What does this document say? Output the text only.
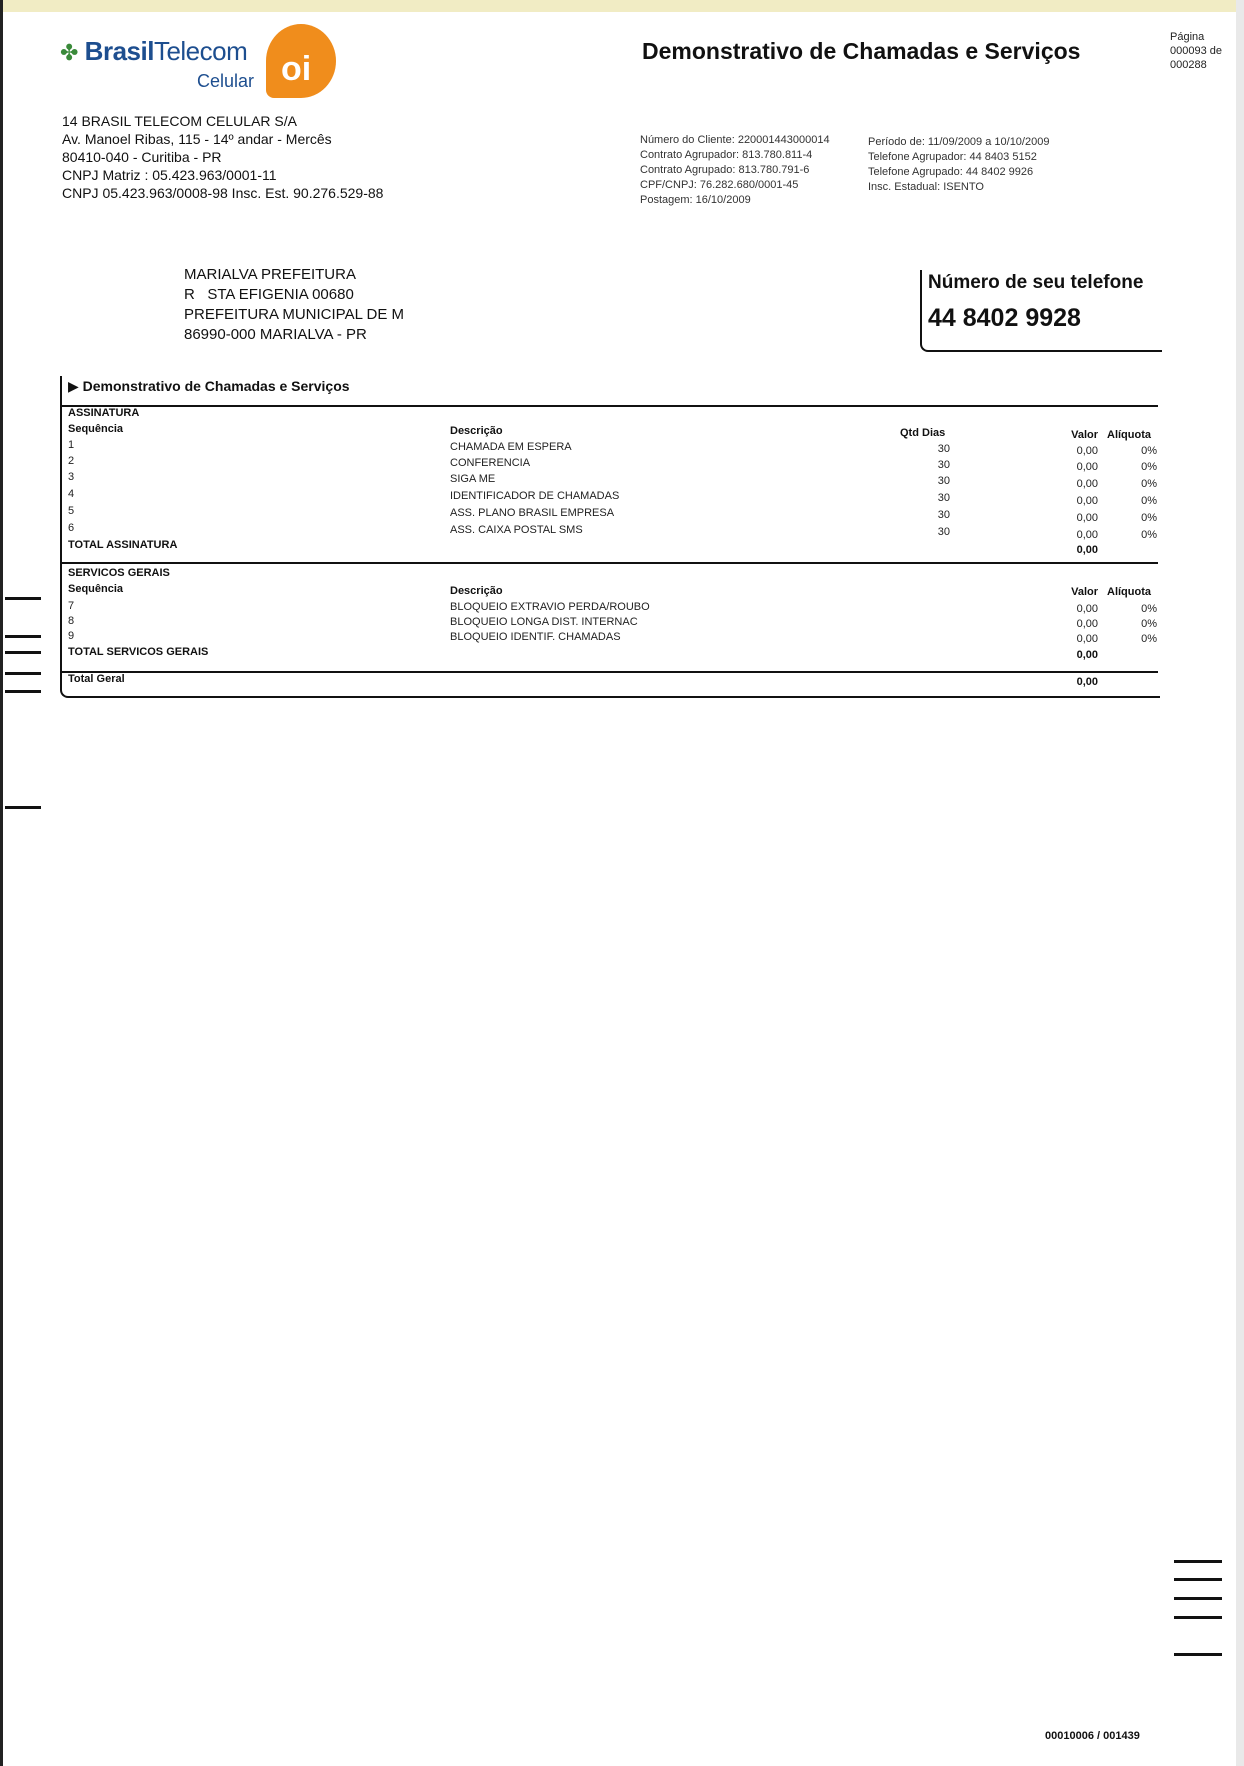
✤ BrasilTelecom
Celular oi
14 BRASIL TELECOM CELULAR S/A
Av. Manoel Ribas, 115 - 14º andar - Mercês
80410-040 - Curitiba - PR
CNPJ Matriz : 05.423.963/0001-11
CNPJ 05.423.963/0008-98 Insc. Est. 90.276.529-88
Demonstrativo de Chamadas e Serviços
Página
000093 de
000288
Número do Cliente: 220001443000014
Contrato Agrupador: 813.780.811-4
Contrato Agrupado: 813.780.791-6
CPF/CNPJ: 76.282.680/0001-45
Postagem: 16/10/2009
Período de: 11/09/2009 a 10/10/2009
Telefone Agrupador: 44 8403 5152
Telefone Agrupado: 44 8402 9926
Insc. Estadual: ISENTO
MARIALVA PREFEITURA
R   STA EFIGENIA 00680
PREFEITURA MUNICIPAL DE M
86990-000 MARIALVA - PR
Número de seu telefone
44 8402 9928
▶ Demonstrativo de Chamadas e Serviços
ASSINATURA
Sequência	Descrição	Qtd Dias	Valor Alíquota
1	CHAMADA EM ESPERA	30	0,00	0%
2	CONFERENCIA	30	0,00	0%
3	SIGA ME	30	0,00	0%
4	IDENTIFICADOR DE CHAMADAS	30	0,00	0%
5	ASS. PLANO BRASIL EMPRESA	30	0,00	0%
6	ASS. CAIXA POSTAL SMS	30	0,00	0%
TOTAL ASSINATURA	0,00
SERVICOS GERAIS
Sequência	Descrição	Valor Alíquota
7	BLOQUEIO EXTRAVIO PERDA/ROUBO	0,00	0%
8	BLOQUEIO LONGA DIST. INTERNAC	0,00	0%
9	BLOQUEIO IDENTIF. CHAMADAS	0,00	0%
TOTAL SERVICOS GERAIS	0,00
Total Geral	0,00
00010006 / 001439
